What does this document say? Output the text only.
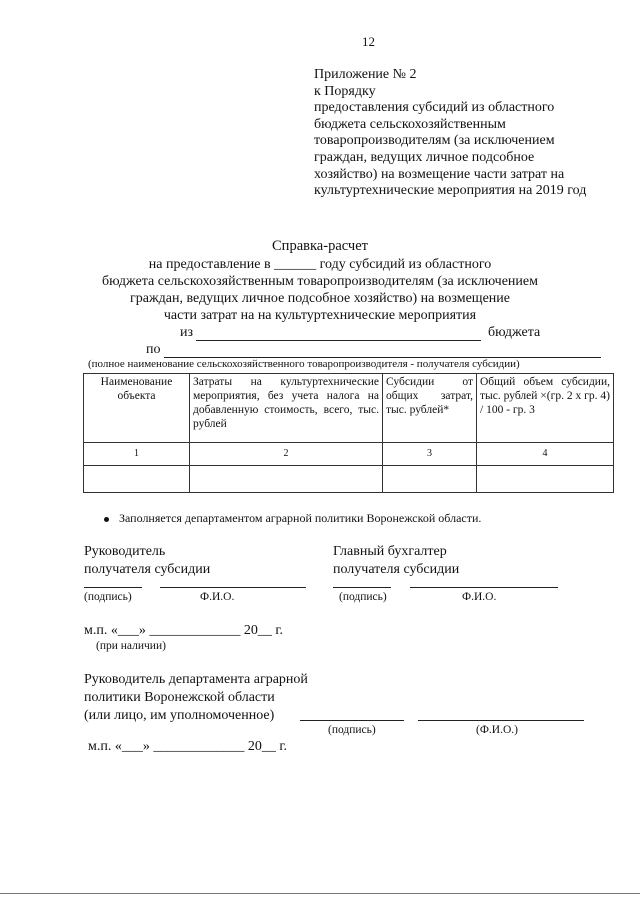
12
Приложение № 2
к Порядку
предоставления субсидий из областного
бюджета сельскохозяйственным
товаропроизводителям (за исключением
граждан, ведущих личное подсобное
хозяйство) на возмещение части затрат на
культуртехнические мероприятия на 2019 год
Справка-расчет
на предоставление в ______ году субсидий из областного
бюджета сельскохозяйственным товаропроизводителям (за исключением
граждан, ведущих личное подсобное хозяйство) на возмещение
части затрат на на культуртехнические мероприятия
из	бюджета
по
(полное наименование сельскохозяйственного товаропроизводителя - получателя субсидии)
Наименование объекта	Затраты на культуртехнические мероприятия, без учета налога на добавленную стоимость, всего, тыс. рублей	Субсидии от общих затрат, тыс. рублей*	Общий объем субсидии, тыс. рублей ×(гр. 2 х гр. 4) / 100 - гр. 3
1	2	3	4

Заполняется департаментом аграрной политики Воронежской области.
Руководитель
получателя субсидии
(подпись)	Ф.И.О.
Главный бухгалтер
получателя субсидии
(подпись)	Ф.И.О.
м.п. «___» _____________ 20__ г.
(при наличии)
Руководитель департамента аграрной
политики Воронежской области
(или лицо, им уполномоченное)
(подпись)	(Ф.И.О.)
м.п. «___» _____________ 20__ г.
